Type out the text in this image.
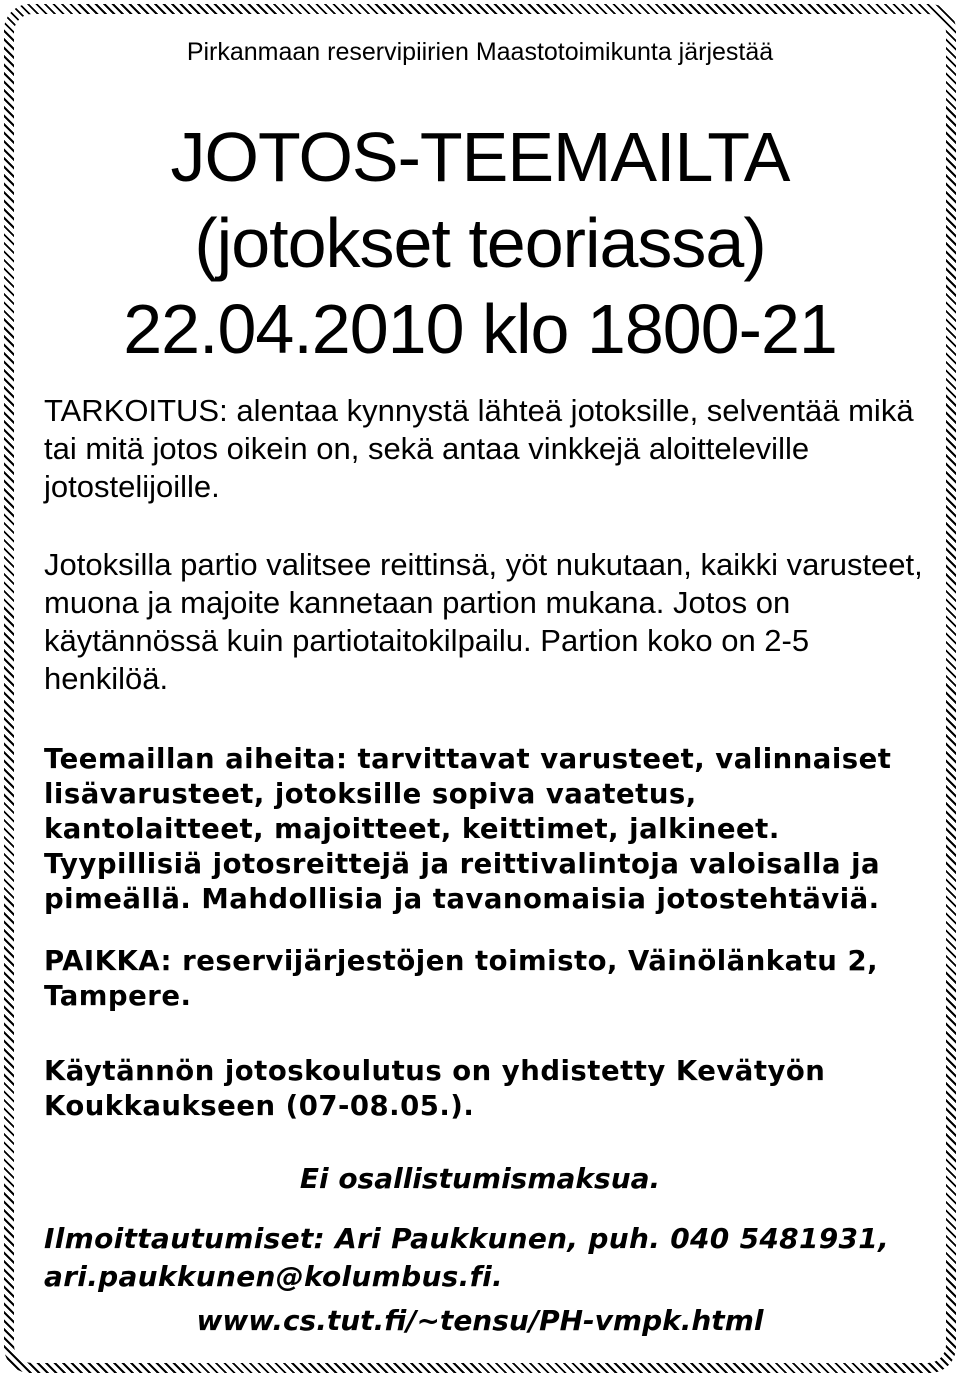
Pirkanmaan reservipiirien Maastotoimikunta järjestää

JOTOS-TEEMAILTA
(jotokset teoriassa)
22.04.2010 klo 1800-21

TARKOITUS: alentaa kynnystä lähteä jotoksille, selventää mikä tai mitä jotos oikein on, sekä antaa vinkkejä aloitteleville jotostelijoille.

Jotoksilla partio valitsee reittinsä, yöt nukutaan, kaikki varusteet, muona ja majoite kannetaan partion mukana. Jotos on käytännössä kuin partiotaitokilpailu. Partion koko on 2-5 henkilöä.

Teemaillan aiheita: tarvittavat varusteet, valinnaiset lisävarusteet, jotoksille sopiva vaatetus, kantolaitteet, majoitteet, keittimet, jalkineet. Tyypillisiä jotosreittejä ja reittivalintoja valoisalla ja pimeällä. Mahdollisia ja tavanomaisia jotostehtäviä.

PAIKKA: reservijärjestöjen toimisto, Väinölänkatu 2, Tampere.

Käytännön jotoskoulutus on yhdistetty Kevätyön Koukkaukseen (07-08.05.).

Ei osallistumismaksua.

Ilmoittautumiset: Ari Paukkunen, puh. 040 5481931, ari.paukkunen@kolumbus.fi.

www.cs.tut.fi/~tensu/PH-vmpk.html
